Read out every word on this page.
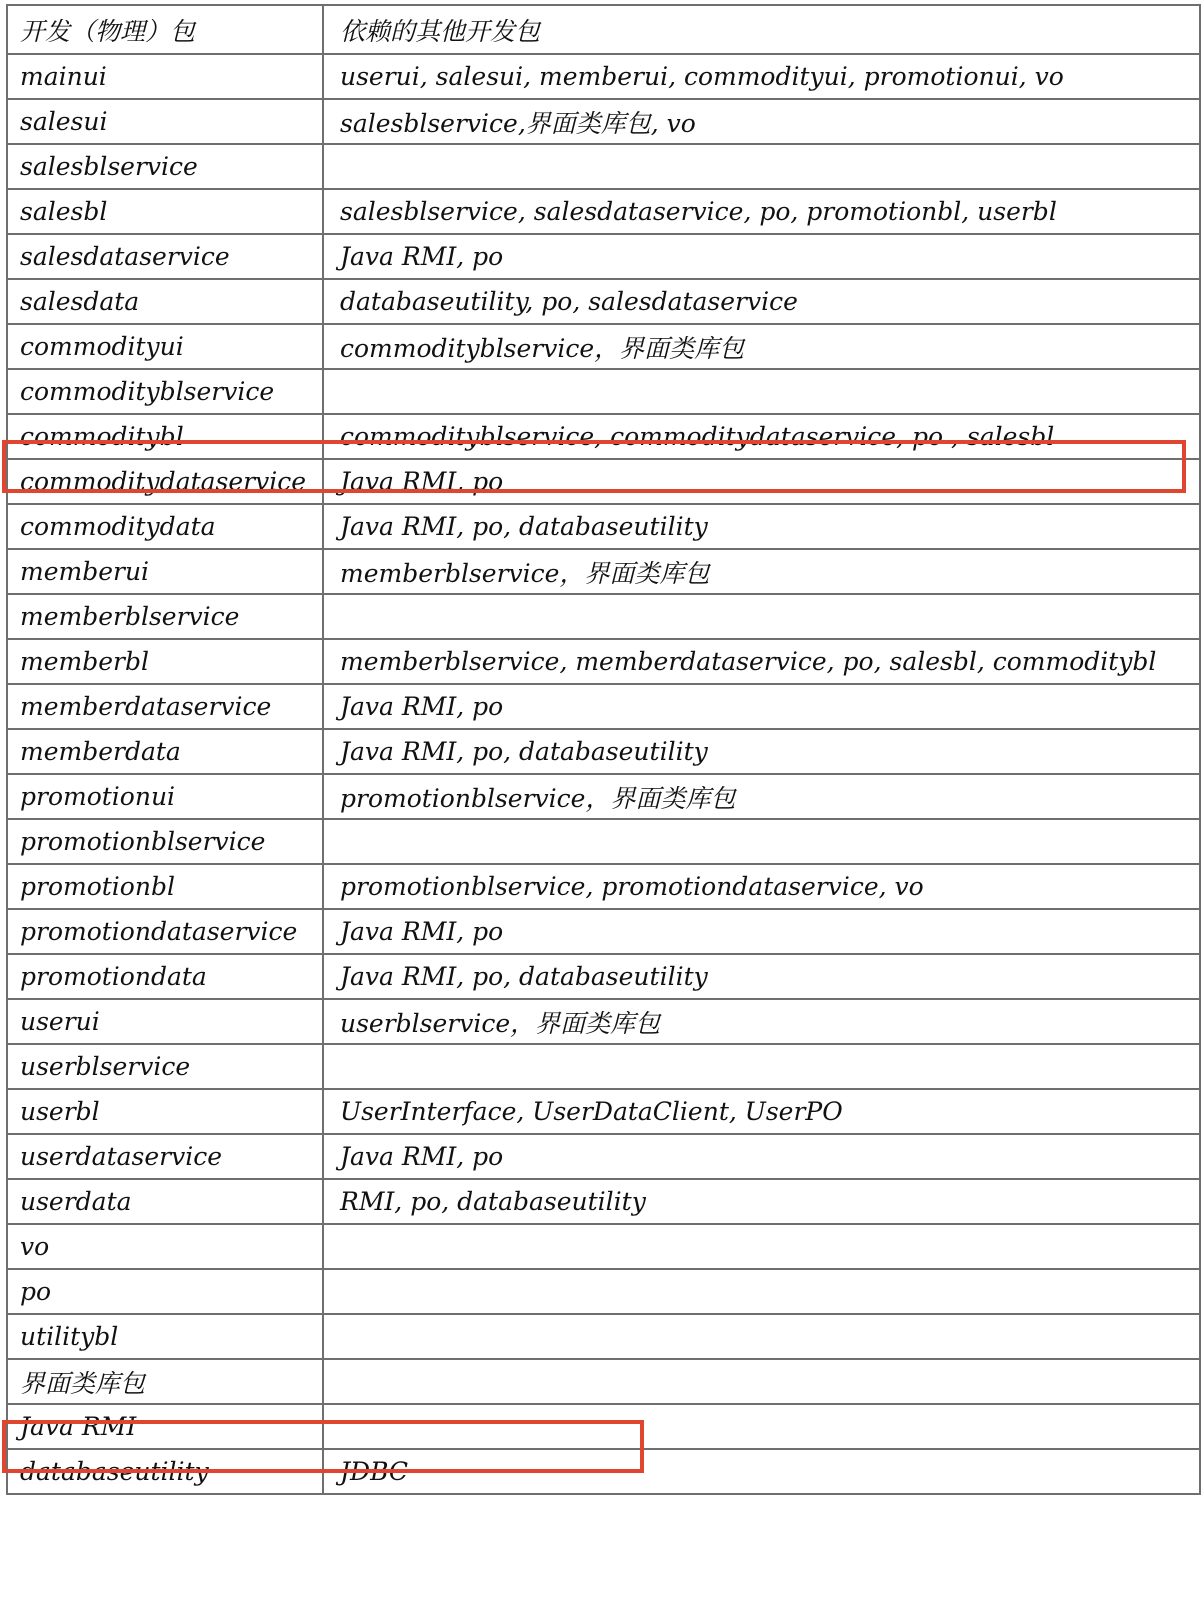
开发（物理）包	依赖的其他开发包
mainui	userui, salesui, memberui, commodityui, promotionui, vo
salesui	salesblservice,界面类库包, vo
salesblservice	
salesbl	salesblservice, salesdataservice, po, promotionbl, userbl
salesdataservice	Java RMI, po
salesdata	databaseutility, po, salesdataservice
commodityui	commodityblservice，界面类库包
commodityblservice	
commoditybl	commodityblservice, commoditydataservice, po , salesbl
commoditydataservice	Java RMI, po
commoditydata	Java RMI, po, databaseutility
memberui	memberblservice，界面类库包
memberblservice	
memberbl	memberblservice, memberdataservice, po, salesbl, commoditybl
memberdataservice	Java RMI, po
memberdata	Java RMI, po, databaseutility
promotionui	promotionblservice，界面类库包
promotionblservice	
promotionbl	promotionblservice, promotiondataservice, vo
promotiondataservice	Java RMI, po
promotiondata	Java RMI, po, databaseutility
userui	userblservice，界面类库包
userblservice	
userbl	UserInterface, UserDataClient, UserPO
userdataservice	Java RMI, po
userdata	RMI, po, databaseutility
vo	
po	
utilitybl	
界面类库包	
Java RMI	
databaseutility	JDBC
